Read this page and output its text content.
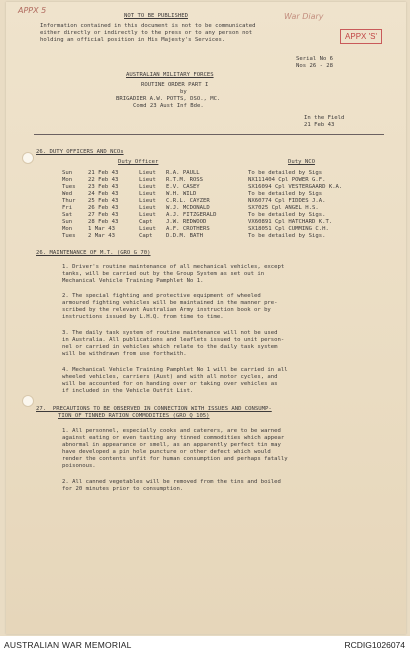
APPX 5
War Diary
APPX 'S'
NOT TO BE PUBLISHED
Information contained in this document is not to be communicated
either directly or indirectly to the press or to any person not
holding an official position in His Majesty's Services.
Serial No 6
Nos 26 - 28
AUSTRALIAN MILITARY FORCES
ROUTINE ORDER PART I
by
BRIGADIER A.W. POTTS, DSO., MC.
Comd 23 Aust Inf Bde.
In the Field
21 Feb 43
26. DUTY OFFICERS AND NCOs
Duty Officer	Duty NCO
Sun	21 Feb 43	Lieut R.A. PAULL	To be detailed by Sigs
Mon	22 Feb 43	Lieut R.T.M. ROSS	NX111404 Cpl POWER G.F.
Tues 23 Feb 43	Lieut E.V. CASEY	SX16094 Cpl VESTERGAARD K.A.
Wed	24 Feb 43	Lieut W.H. WILD	To be detailed by Sigs
Thur 25 Feb 43	Lieut C.R.L. CAYZER	NX60774 Cpl FIDDES J.A.
Fri	26 Feb 43	Lieut W.J. MCDONALD	SX7025 Cpl ANGEL H.S.
Sat	27 Feb 43	Lieut A.J. FITZGERALD	To be detailed by Sigs.
Sun	28 Feb 43	Capt J.W. REDWOOD	VX60891 Cpl HATCHARD K.T.
Mon	1 Mar 43	Lieut A.F. CROTHERS	SX18051 Cpl CUMMING C.H.
Tues 2 Mar 43	Capt D.D.M. BATH	To be detailed by Sigs.
26. MAINTENANCE OF M.T. (GRO G 70)
1. Driver's routine maintenance of all mechanical vehicles, except
tanks, will be carried out by the Group System as set out in
Mechanical Vehicle Training Pamphlet No 1.
2. The special fighting and protective equipment of wheeled
armoured fighting vehicles will be maintained in the manner pre-
scribed by the relevant Australian Army instruction book or by
instructions issued by L.H.Q. from time to time.
3. The daily task system of routine maintenance will not be used
in Australia. All publications and leaflets issued to unit person-
nel or carried in vehicles which relate to the daily task system
will be withdrawn from use forthwith.
4. Mechanical Vehicle Training Pamphlet No 1 will be carried in all
wheeled vehicles, carriers (Aust) and with all motor cycles, and
will be accounted for on handing over or taking over vehicles as
if included in the Vehicle Outfit List.
27.  PRECAUTIONS TO BE OBSERVED IN CONNECTION WITH ISSUES AND CONSUMP-
TION OF TINNED RATION COMMODITIES (GRO Q 105)
1. All personnel, especially cooks and caterers, are to be warned
against eating or even tasting any tinned commodities which appear
abnormal in appearance or smell, as an apparently perfect tin may
have developed a pin hole puncture or other defect which would
render the contents unfit for human consumption and perhaps fatally
poisonous.
2. All canned vegetables will be removed from the tins and boiled
for 20 minutes prior to consumption.
AUSTRALIAN WAR MEMORIAL	RCDIG1026074
